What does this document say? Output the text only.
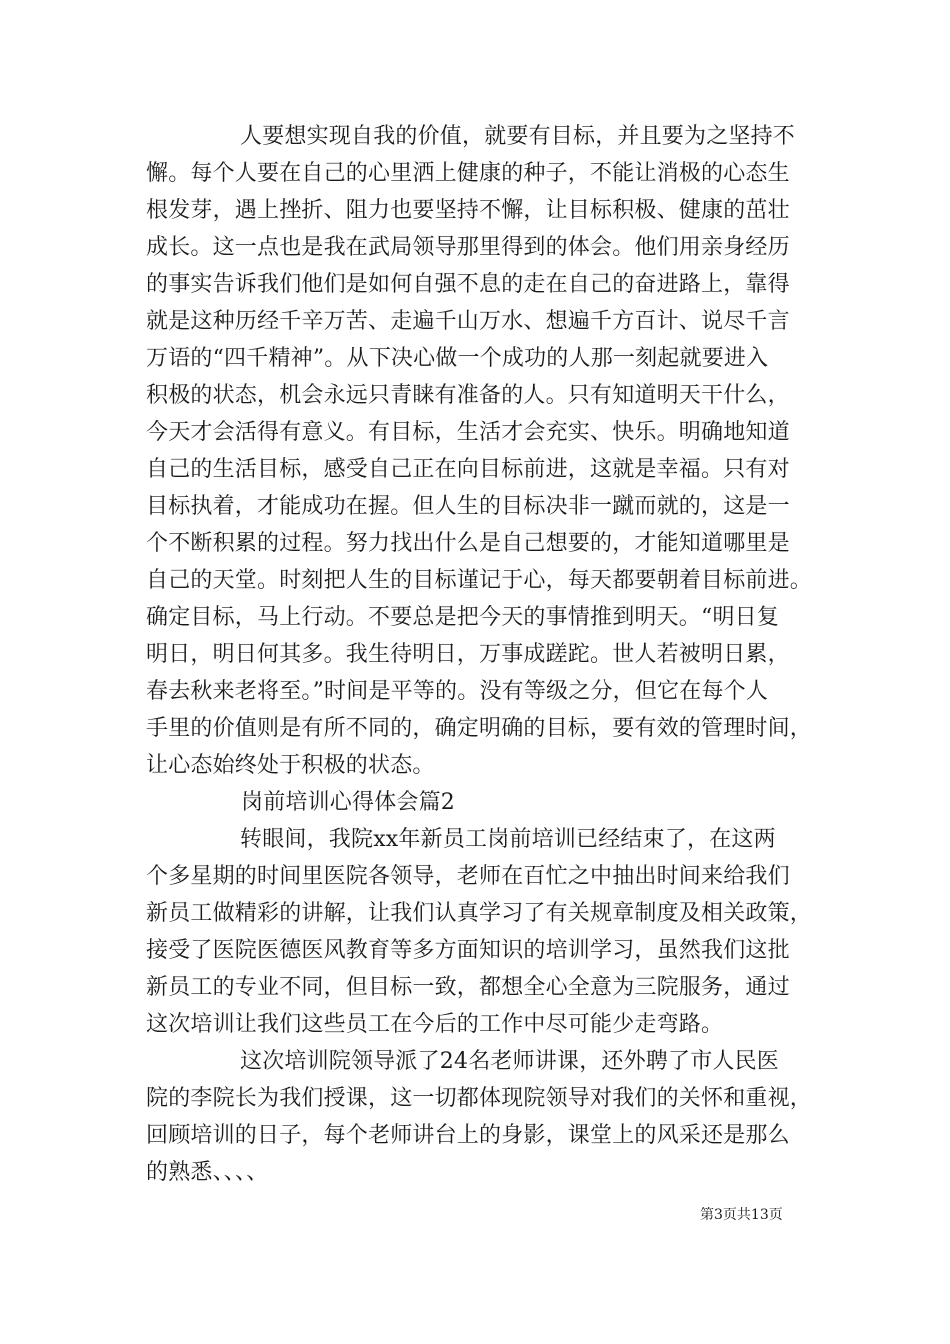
人要想实现自我的价值，就要有目标，并且要为之坚持不
懈。每个人要在自己的心里洒上健康的种子，不能让消极的心态生
根发芽，遇上挫折、阻力也要坚持不懈，让目标积极、健康的茁壮
成长。这一点也是我在武局领导那里得到的体会。他们用亲身经历
的事实告诉我们他们是如何自强不息的走在自己的奋进路上，靠得
就是这种历经千辛万苦、走遍千山万水、想遍千方百计、说尽千言
万语的“四千精神”。从下决心做一个成功的人那一刻起就要进入
积极的状态，机会永远只青睐有准备的人。只有知道明天干什么，
今天才会活得有意义。有目标，生活才会充实、快乐。明确地知道
自己的生活目标，感受自己正在向目标前进，这就是幸福。只有对
目标执着，才能成功在握。但人生的目标决非一蹴而就的，这是一
个不断积累的过程。努力找出什么是自己想要的，才能知道哪里是
自己的天堂。时刻把人生的目标谨记于心，每天都要朝着目标前进。
确定目标，马上行动。不要总是把今天的事情推到明天。“明日复
明日，明日何其多。我生待明日，万事成蹉跎。世人若被明日累，
春去秋来老将至。”时间是平等的。没有等级之分，但它在每个人
手里的价值则是有所不同的，确定明确的目标，要有效的管理时间，
让心态始终处于积极的状态。
岗前培训心得体会篇2
转眼间，我院xx年新员工岗前培训已经结束了，在这两
个多星期的时间里医院各领导，老师在百忙之中抽出时间来给我们
新员工做精彩的讲解，让我们认真学习了有关规章制度及相关政策，
接受了医院医德医风教育等多方面知识的培训学习，虽然我们这批
新员工的专业不同，但目标一致，都想全心全意为三院服务，通过
这次培训让我们这些员工在今后的工作中尽可能少走弯路。
这次培训院领导派了24名老师讲课，还外聘了市人民医
院的李院长为我们授课，这一切都体现院领导对我们的关怀和重视，
回顾培训的日子，每个老师讲台上的身影，课堂上的风采还是那么
的熟悉、、、、
第3页共13页
